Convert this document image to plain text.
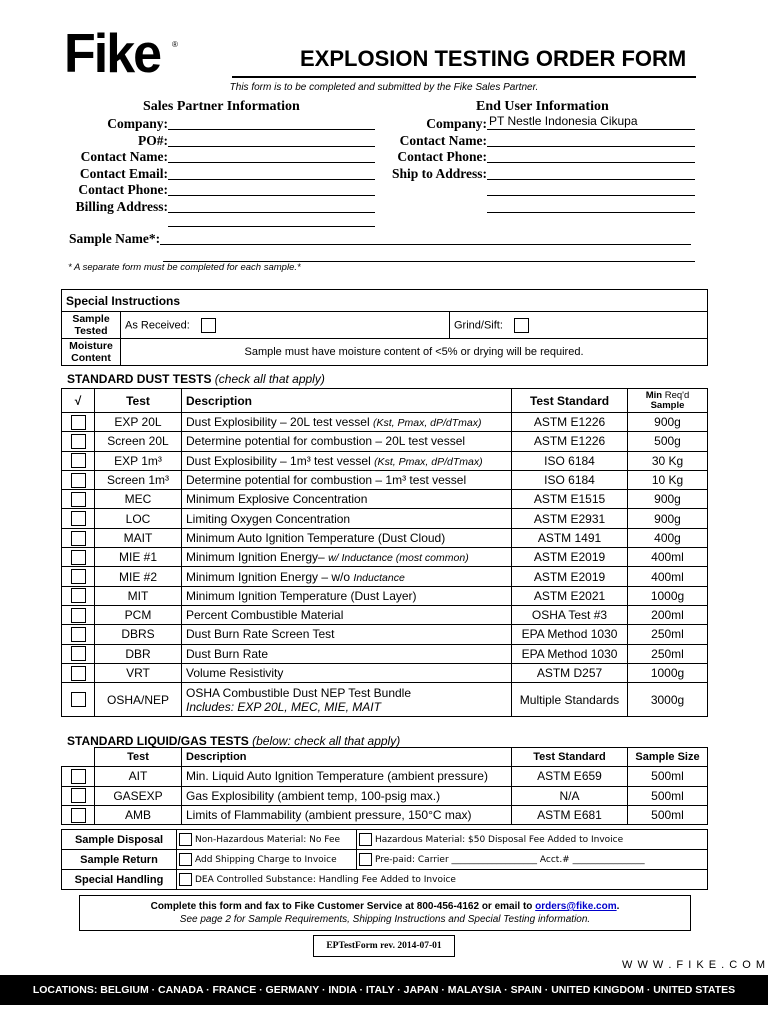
Fike ®
EXPLOSION TESTING ORDER FORM
This form is to be completed and submitted by the Fike Sales Partner.
Sales Partner Information	End User Information
Company:
PO#:
Contact Name:
Contact Email:
Contact Phone:
Billing Address:
Company: PT Nestle Indonesia Cikupa
Contact Name:
Contact Phone:
Ship to Address:
Sample Name*:
* A separate form must be completed for each sample.*
Special Instructions		
Sample Tested	As Received:	Grind/Sift:
Moisture Content	Sample must have moisture content of <5% or drying will be required.	
STANDARD DUST TESTS (check all that apply)
√	Test	Description	Test Standard	Min Req'd
Sample
	EXP 20L	Dust Explosibility – 20L test vessel (Kst, Pmax, dP/dTmax)	ASTM E1226	900g
	Screen 20L	Determine potential for combustion – 20L test vessel	ASTM E1226	500g
	EXP 1m³	Dust Explosibility – 1m³ test vessel (Kst, Pmax, dP/dTmax)	ISO 6184	30 Kg
	Screen 1m³	Determine potential for combustion – 1m³ test vessel	ISO 6184	10 Kg
	MEC	Minimum Explosive Concentration	ASTM E1515	900g
	LOC	Limiting Oxygen Concentration	ASTM E2931	900g
	MAIT	Minimum Auto Ignition Temperature (Dust Cloud)	ASTM 1491	400g
	MIE #1	Minimum Ignition Energy– w/ Inductance (most common)	ASTM E2019	400ml
	MIE #2	Minimum Ignition Energy – w/o Inductance	ASTM E2019	400ml
	MIT	Minimum Ignition Temperature (Dust Layer)	ASTM E2021	1000g
	PCM	Percent Combustible Material	OSHA Test #3	200ml
	DBRS	Dust Burn Rate Screen Test	EPA Method 1030	250ml
	DBR	Dust Burn Rate	EPA Method 1030	250ml
	VRT	Volume Resistivity	ASTM D257	1000g
	OSHA/NEP	OSHA Combustible Dust NEP Test Bundle
Includes: EXP 20L, MEC, MIE, MAIT	Multiple Standards	3000g
STANDARD LIQUID/GAS TESTS (below: check all that apply)
	Test	Description	Test Standard	Sample Size
	AIT	Min. Liquid Auto Ignition Temperature (ambient pressure)	ASTM E659	500ml
	GASEXP	Gas Explosibility (ambient temp, 100-psig max.)	N/A	500ml
	AMB	Limits of Flammability (ambient pressure, 150°C max)	ASTM E681	500ml
Sample Disposal	Non-Hazardous Material: No Fee	Hazardous Material: $50 Disposal Fee Added to Invoice
Sample Return	Add Shipping Charge to Invoice	Pre-paid: Carrier ___________________ Acct.# ________________
Special Handling	DEA Controlled Substance: Handling Fee Added to Invoice	
Complete this form and fax to Fike Customer Service at 800-456-4162 or email to orders@fike.com.
See page 2 for Sample Requirements, Shipping Instructions and Special Testing information.
EPTestForm rev. 2014-07-01
W W W . F I K E . C O M
LOCATIONS: BELGIUM · CANADA · FRANCE · GERMANY · INDIA · ITALY · JAPAN · MALAYSIA · SPAIN · UNITED KINGDOM · UNITED STATES
